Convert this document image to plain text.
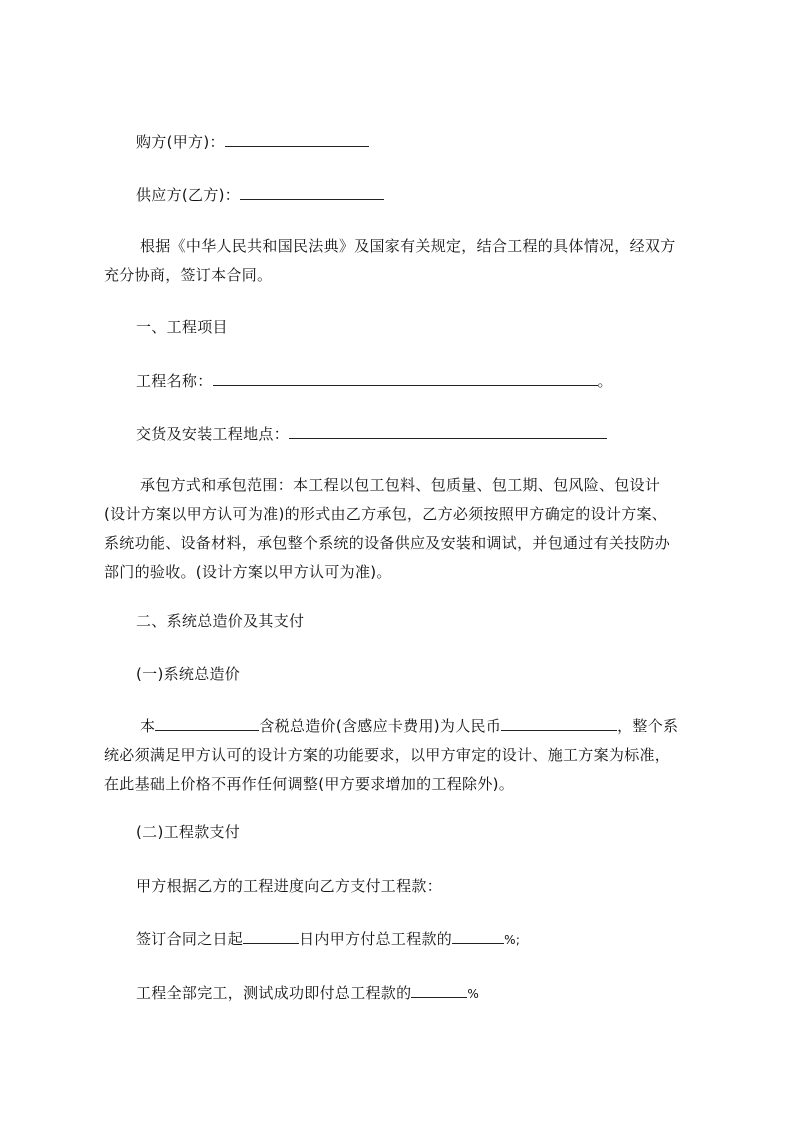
购方(甲方)：
供应方(乙方)：
根据《中华人民共和国民法典》及国家有关规定，结合工程的具体情况，经双方
充分协商，签订本合同。
一、工程项目
工程名称：	。
交货及安装工程地点：
承包方式和承包范围：本工程以包工包料、包质量、包工期、包风险、包设计
(设计方案以甲方认可为准)的形式由乙方承包，乙方必须按照甲方确定的设计方案、
系统功能、设备材料，承包整个系统的设备供应及安装和调试，并包通过有关技防办
部门的验收。(设计方案以甲方认可为准)。
二、系统总造价及其支付
(一)系统总造价
本	含税总造价(含感应卡费用)为人民币	，整个系
统必须满足甲方认可的设计方案的功能要求，以甲方审定的设计、施工方案为标准，
在此基础上价格不再作任何调整(甲方要求增加的工程除外)。
(二)工程款支付
甲方根据乙方的工程进度向乙方支付工程款：
签订合同之日起	日内甲方付总工程款的	%;
工程全部完工，测试成功即付总工程款的	%
